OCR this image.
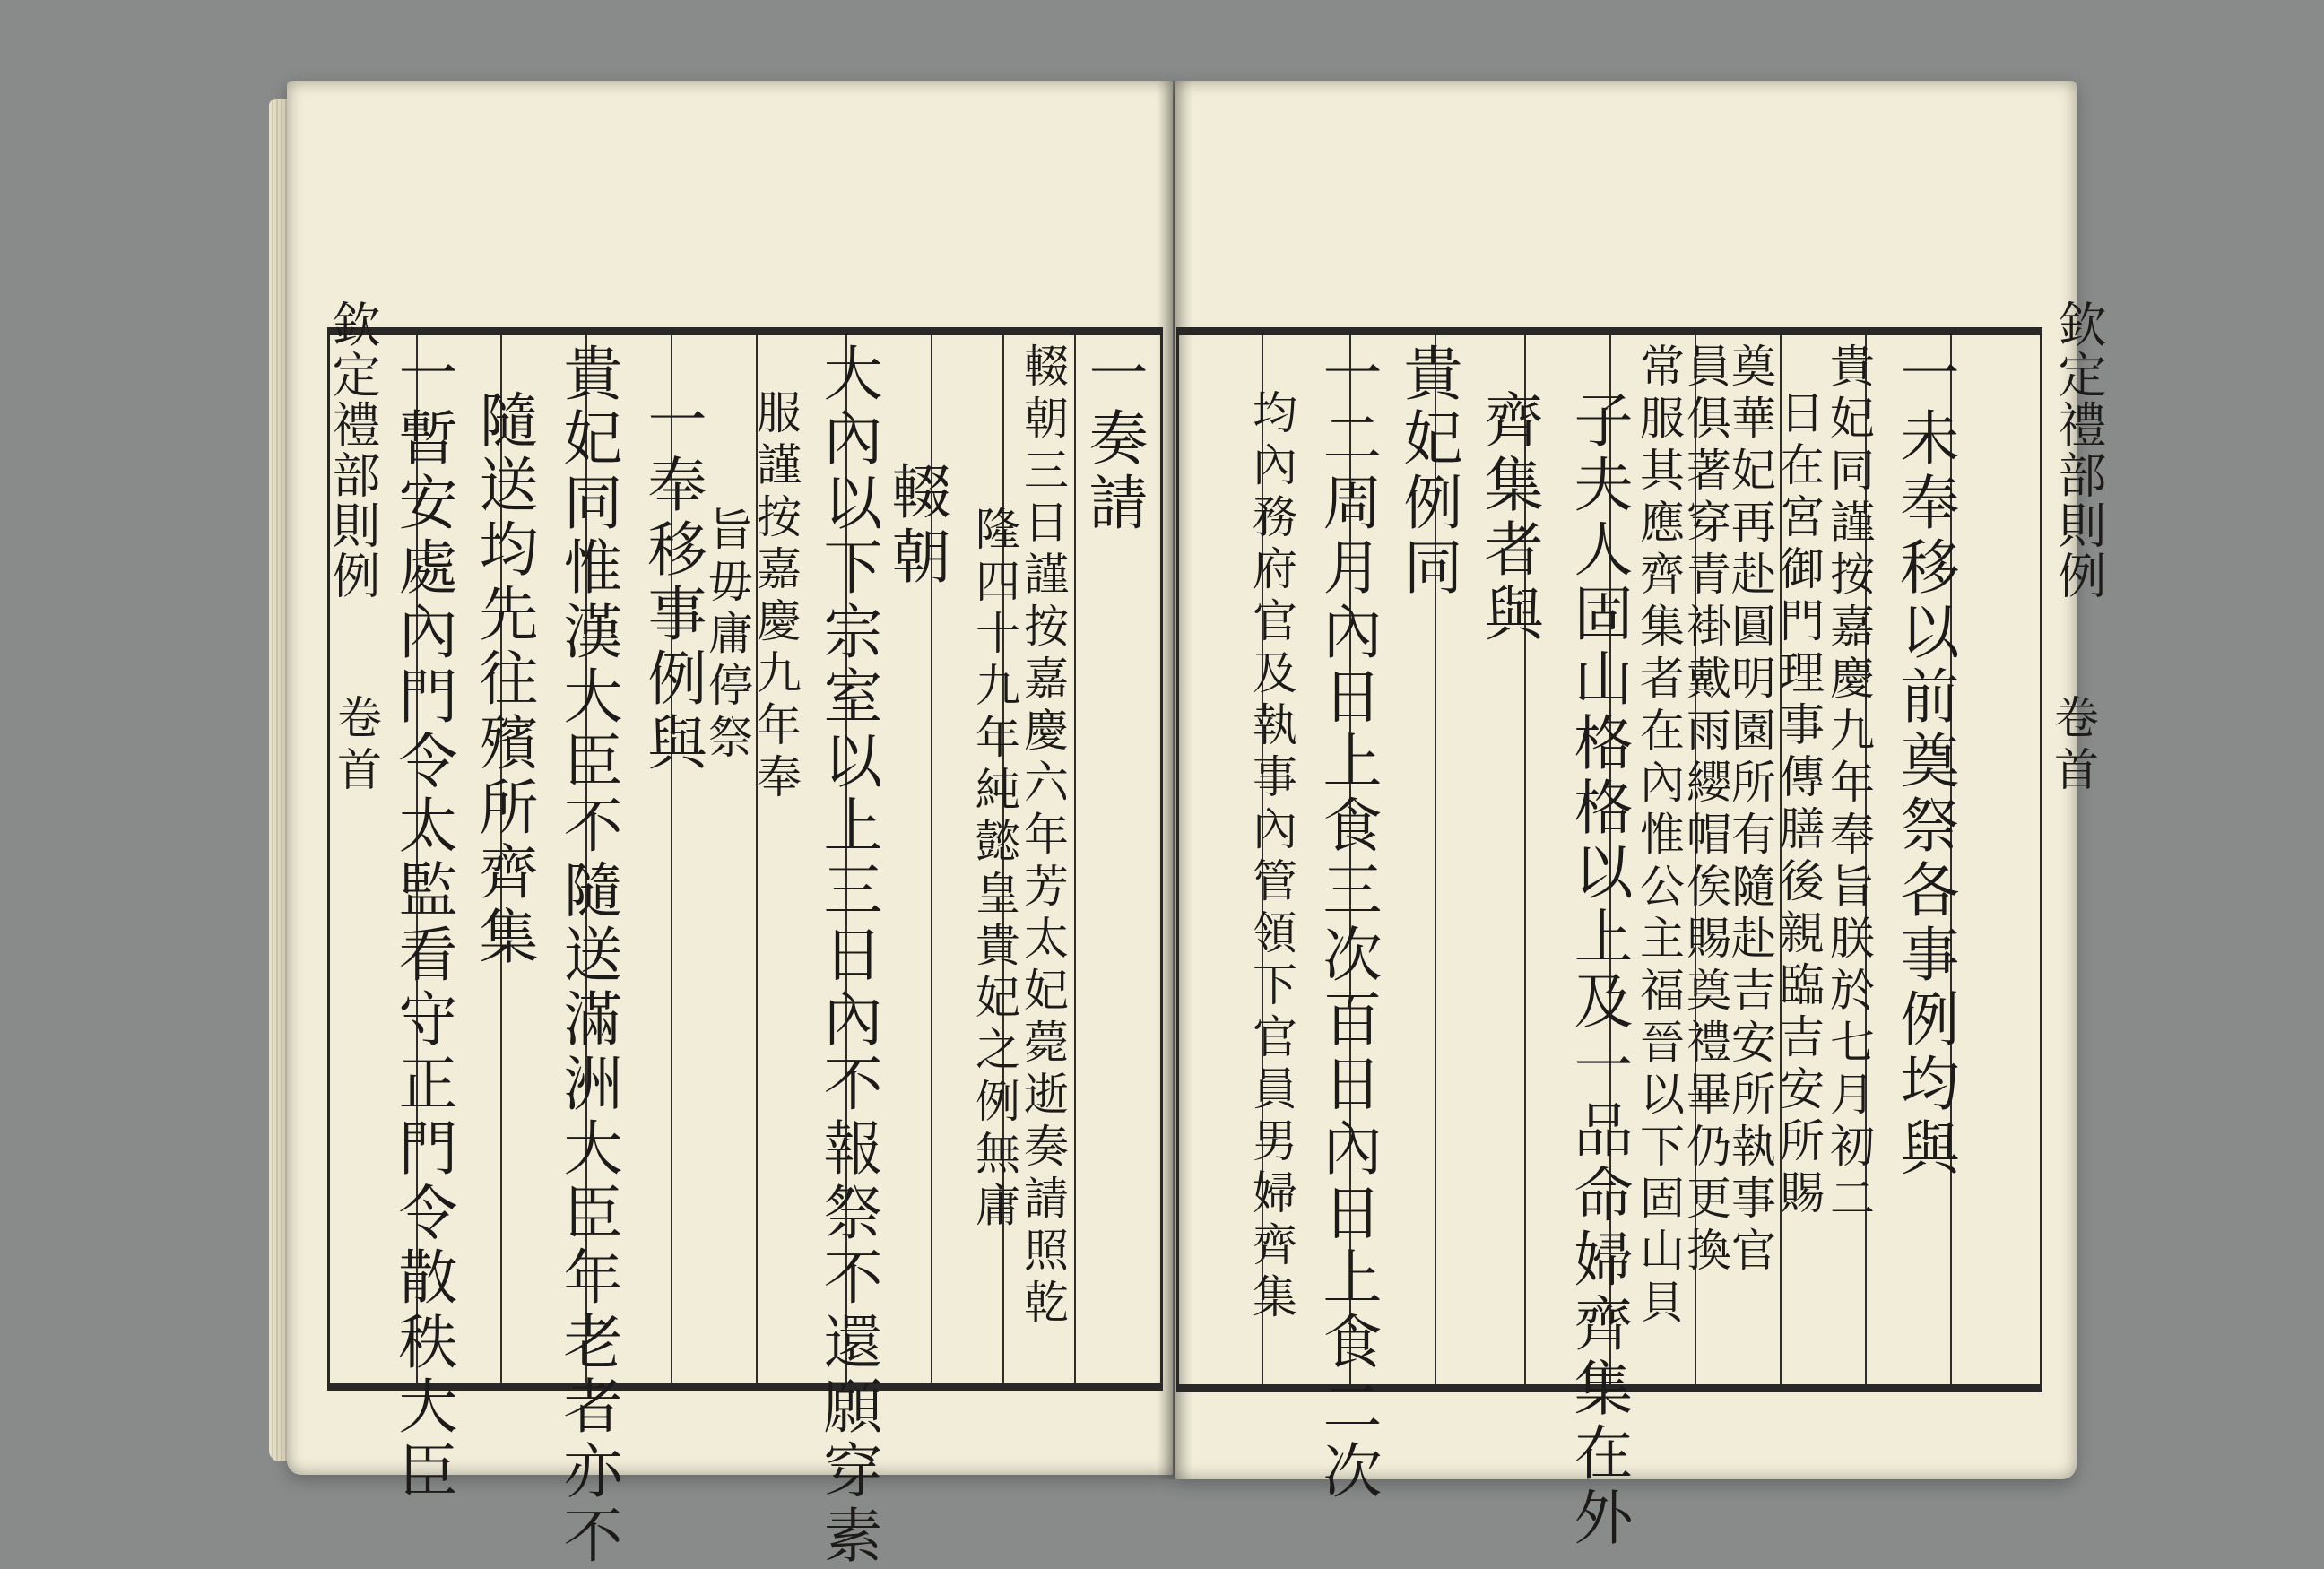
一奏請
輟朝三日謹按嘉慶六年芳太妃薨逝奏請照乾
隆四十九年純懿皇貴妃之例無庸
輟朝
大內以下宗室以上三日內不報祭不還願穿素
服謹按嘉慶九年奉
旨毋庸停祭
一奉移事例與
貴妃同惟漢大臣不隨送滿洲大臣年老者亦不
隨送均先往殯所齊集
一暫安處內門令太監看守正門令散秩大臣
欽定禮部則例
卷首	一未奉移以前奠祭各事例均與
貴妃同謹按嘉慶九年奉旨朕於七月初二
日在宮御門理事傳膳後親臨吉安所賜
奠華妃再赴圓明園所有隨赴吉安所執事官
員俱著穿青褂戴雨纓帽俟賜奠禮畢仍更換
常服其應齊集者在內惟公主福晉以下固山貝
子夫人固山格格以上及一品命婦齊集在外
齊集者與
貴妃例同
一二周月內日上食三次百日內日上食二次
均內務府官及執事內管領下官員男婦齊集	欽定禮部則例
卷首
